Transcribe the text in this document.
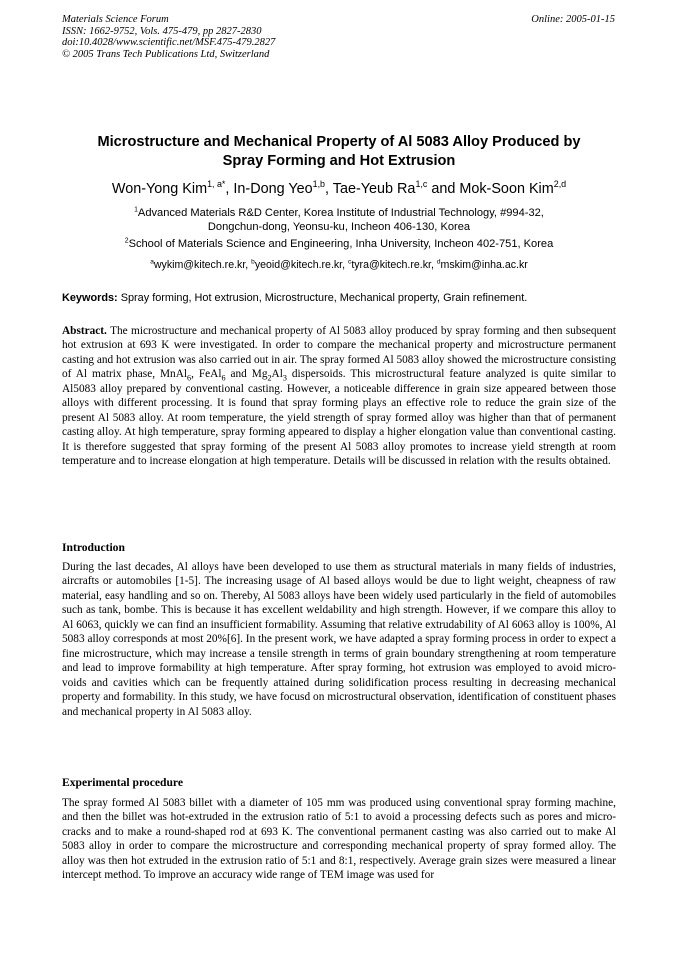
Materials Science Forum
ISSN: 1662-9752, Vols. 475-479, pp 2827-2830
doi:10.4028/www.scientific.net/MSF.475-479.2827
© 2005 Trans Tech Publications Ltd, Switzerland
Online: 2005-01-15
Microstructure and Mechanical Property of Al 5083 Alloy Produced by
Spray Forming and Hot Extrusion
Won-Yong Kim$^{1, a*}$, In-Dong Yeo$^{1,b}$, Tae-Yeub Ra$^{1,c}$ and Mok-Soon Kim$^{2,d}$
$^1$Advanced Materials R&D Center, Korea Institute of Industrial Technology, #994-32,
Dongchun-dong, Yeonsu-ku, Incheon 406-130, Korea
$^2$School of Materials Science and Engineering, Inha University, Incheon 402-751, Korea
$^a$wykim@kitech.re.kr, $^b$yeoid@kitech.re.kr, $^c$tyra@kitech.re.kr, $^d$mskim@inha.ac.kr
Keywords: Spray forming, Hot extrusion, Microstructure, Mechanical property, Grain refinement.
Abstract. The microstructure and mechanical property of Al 5083 alloy produced by spray forming and then subsequent hot extrusion at 693 K were investigated. In order to compare the mechanical property and microstructure permanent casting and hot extrusion was also carried out in air. The spray formed Al 5083 alloy showed the microstructure consisting of Al matrix phase, MnAl$_6$, FeAl$_6$ and $Mg_2Al_3$ dispersoids. This microstructural feature analyzed is quite similar to Al5083 alloy prepared by conventional casting. However, a noticeable difference in grain size appeared between those alloys with different processing. It is found that spray forming plays an effective role to reduce the grain size of the present Al 5083 alloy. At room temperature, the yield strength of spray formed alloy was higher than that of permanent casting alloy. At high temperature, spray forming appeared to display a higher elongation value than conventional casting. It is therefore suggested that spray forming of the present Al 5083 alloy promotes to increase yield strength at room temperature and to increase elongation at high temperature. Details will be discussed in relation with the results obtained.
Introduction
During the last decades, Al alloys have been developed to use them as structural materials in many fields of industries, aircrafts or automobiles [1-5]. The increasing usage of Al based alloys would be due to light weight, cheapness of raw material, easy handling and so on. Thereby, Al 5083 alloys have been widely used particularly in the field of automobiles such as tank, bombe. This is because it has excellent weldability and high strength. However, if we compare this alloy to Al 6063, quickly we can find an insufficient formability. Assuming that relative extrudability of Al 6063 alloy is 100%, Al 5083 alloy corresponds at most 20%[6]. In the present work, we have adapted a spray forming process in order to expect a fine microstructure, which may increase a tensile strength in terms of grain boundary strengthening at room temperature and lead to improve formability at high temperature. After spray forming, hot extrusion was employed to avoid micro-voids and cavities which can be frequently attained during solidification process resulting in decreasing mechanical property and formability. In this study, we have focusd on microstructural observation, identification of constituent phases and mechanical property in Al 5083 alloy.
Experimental procedure
The spray formed Al 5083 billet with a diameter of 105 mm was produced using conventional spray forming machine, and then the billet was hot-extruded in the extrusion ratio of 5:1 to avoid a processing defects such as pores and micro-cracks and to make a round-shaped rod at 693 K. The conventional permanent casting was also carried out to make Al 5083 alloy in order to compare the microstructure and corresponding mechanical property of spray formed alloy. The alloy was then hot extruded in the extrusion ratio of 5:1 and 8:1, respectively. Average grain sizes were measured a linear intercept method. To improve an accuracy wide range of TEM image was used for
